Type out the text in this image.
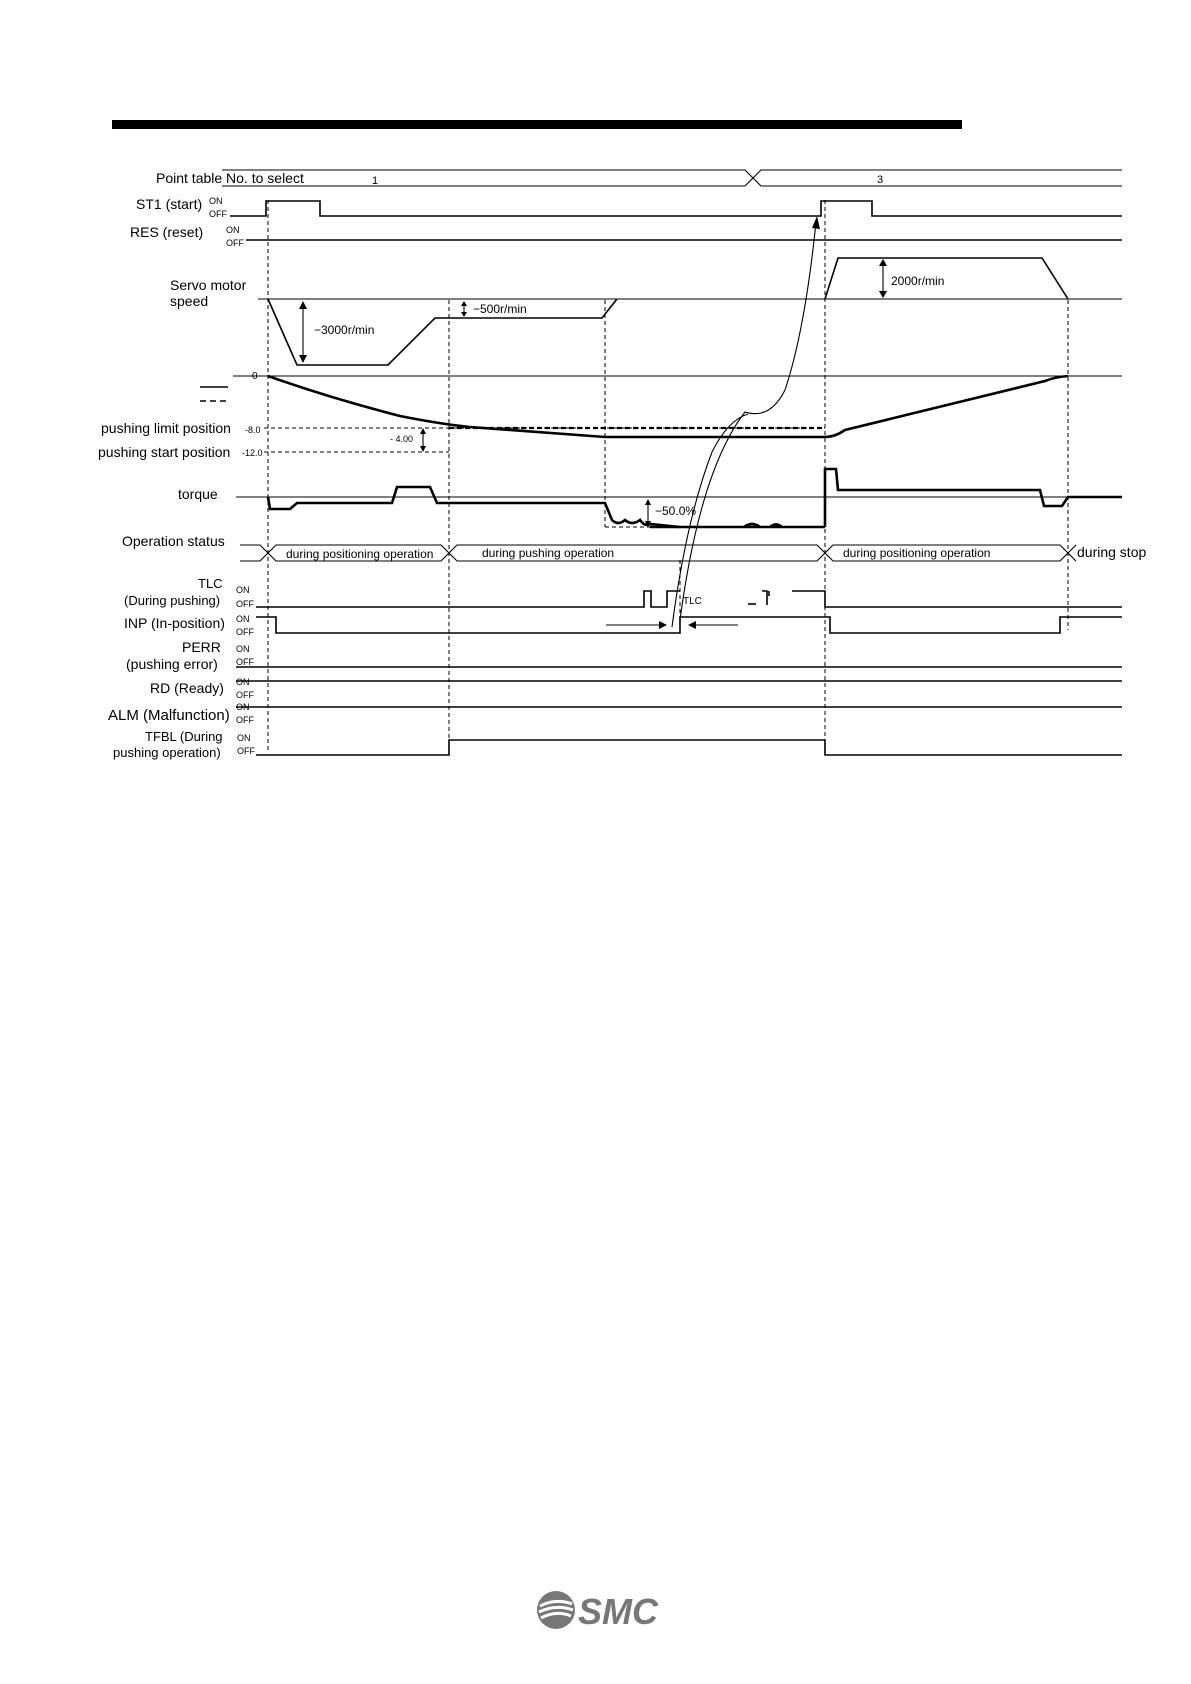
Point table No. to select	1	3
ST1 (start) ON
OFF
RES (reset)	ON
OFF
Servo motor
speed
−3000r/min
−500r/min
2000r/min
0
pushing limit position -8.0
pushing start position -12.0
- 4.00
torque
−50.0%
Operation status
during positioning operation	during pushing operation	during positioning operation	during stop
TLC
(During pushing)
ON
OFF	TLC
INP (In-position) ON
OFF
PERR
(pushing error)
ON
OFF
RD (Ready) ON
OFF
ALM (Malfunction) ON
OFF
TFBL (During
pushing operation)
ON
OFF
SMC
